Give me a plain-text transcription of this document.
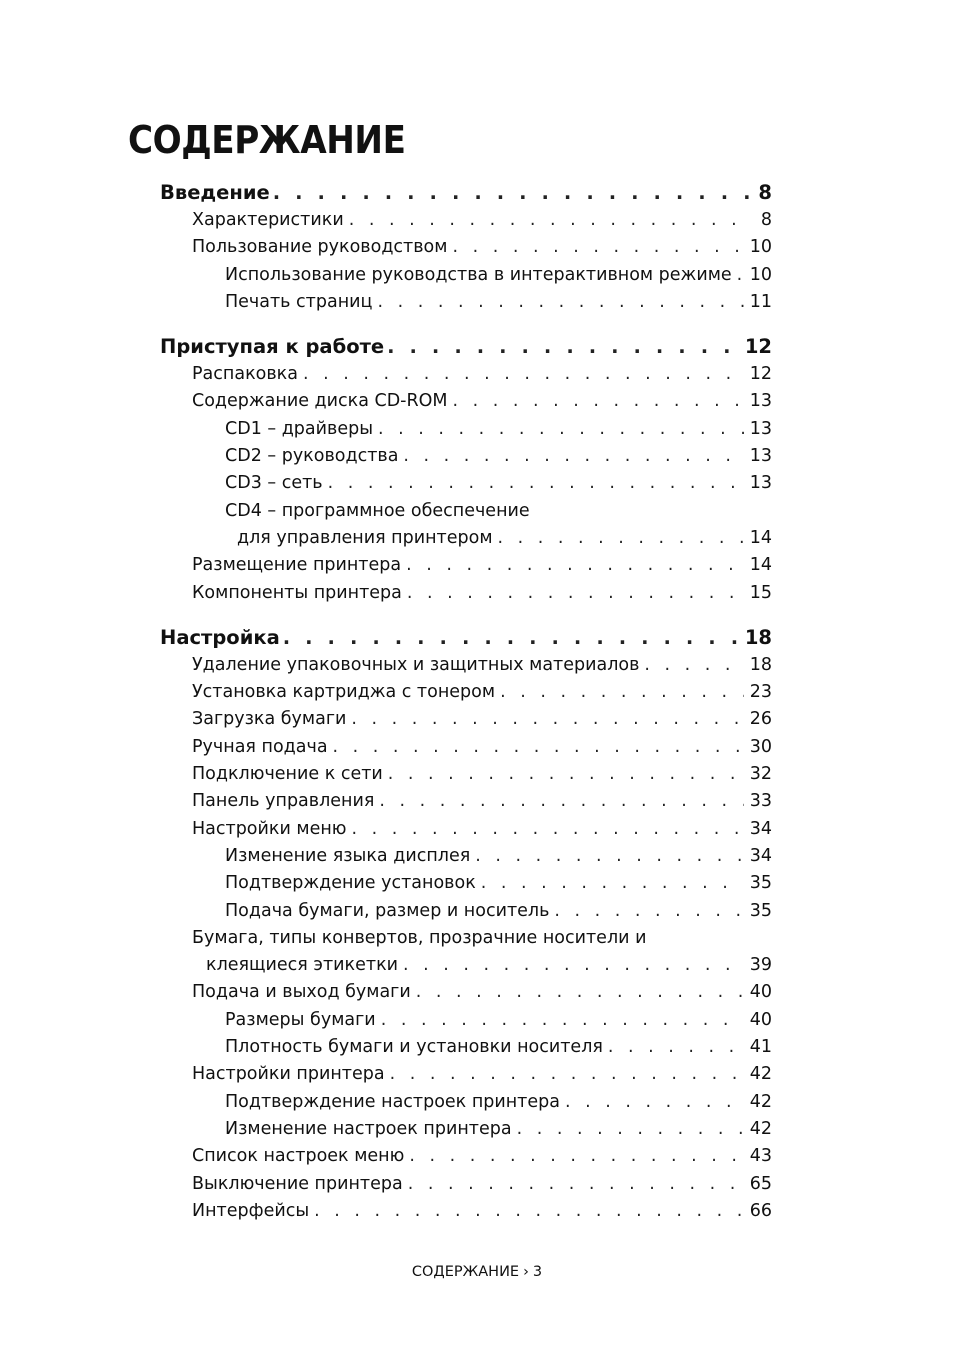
СОДЕРЖАНИЕ
Введение . . .	8
Характеристики . . .	8
Пользование руководством . . .	10
Использование руководства в интерактивном режиме . . . 10
Печать страниц . . .	11
Приступая к работе . . .	12
Распаковка . . .	12
Содержание диска CD-ROM . . .	13
CD1 – драйверы . . .	13
CD2 – руководства . . .	13
CD3 – сеть . . .	13
CD4 – программное обеспечение
для управления принтером . . .	14
Размещение принтера . . .	14
Компоненты принтера . . .	15
Настройка . . .	18
Удаление упаковочных и защитных материалов . . .	18
Установка картриджа с тонером . . .	23
Загрузка бумаги . . .	26
Ручная подача . . .	30
Подключение к сети . . .	32
Панель управления . . .	33
Настройки меню . . .	34
Изменение языка дисплея . . .	34
Подтверждение установок . . .	35
Подача бумаги, размер и носитель . . .	35
Бумага, типы конвертов, прозрачние носители и
клеящиеся этикетки . . .	39
Подача и выход бумаги . . .	40
Размеры бумаги . . .	40
Плотность бумаги и установки носителя . . .	41
Настройки принтера . . .	42
Подтверждение настроек принтера . . .	42
Изменение настроек принтера . . .	42
Список настроек меню . . .	43
Выключение принтера . . .	65
Интерфейсы . . .	66
СОДЕРЖАНИЕ › 3
